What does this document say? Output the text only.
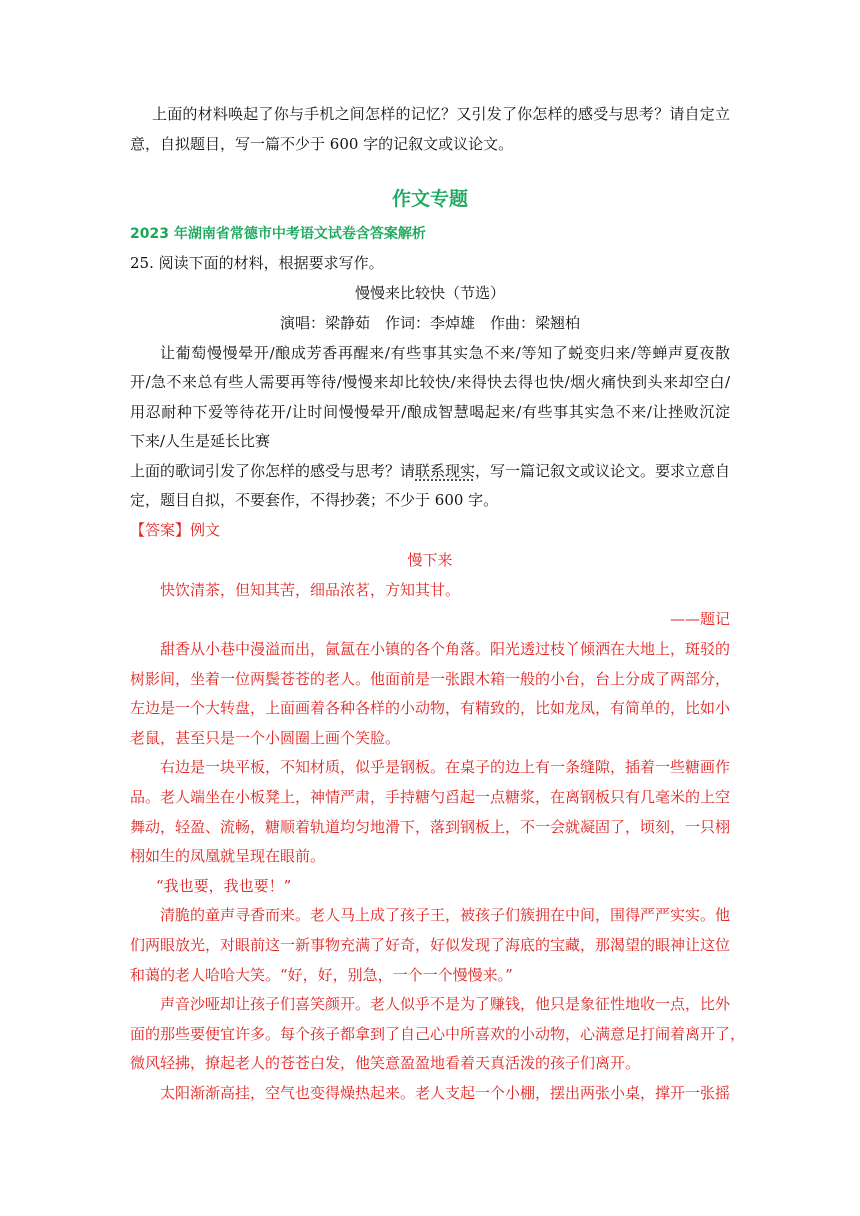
上面的材料唤起了你与手机之间怎样的记忆？又引发了你怎样的感受与思考？请自定立
意，自拟题目，写一篇不少于 600 字的记叙文或议论文。
作文专题
2023 年湖南省常德市中考语文试卷含答案解析
25. 阅读下面的材料，根据要求写作。
慢慢来比较快（节选）
演唱：梁静茹　作词：李焯雄　作曲：梁翘柏
让葡萄慢慢晕开/酿成芳香再醒来/有些事其实急不来/等知了蜕变归来/等蝉声夏夜散
开/急不来总有些人需要再等待/慢慢来却比较快/来得快去得也快/烟火痛快到头来却空白/
用忍耐种下爱等待花开/让时间慢慢晕开/酿成智慧喝起来/有些事其实急不来/让挫败沉淀
下来/人生是延长比赛
上面的歌词引发了你怎样的感受与思考？请联系现实，写一篇记叙文或议论文。要求立意自
定，题目自拟，不要套作，不得抄袭；不少于 600 字。
【答案】例文
慢下来
快饮清茶，但知其苦，细品浓茗，方知其甘。
——题记
甜香从小巷中漫溢而出，氤氲在小镇的各个角落。阳光透过枝丫倾洒在大地上，斑驳的
树影间，坐着一位两鬓苍苍的老人。他面前是一张跟木箱一般的小台，台上分成了两部分，
左边是一个大转盘，上面画着各种各样的小动物，有精致的，比如龙凤，有简单的，比如小
老鼠，甚至只是一个小圆圈上画个笑脸。
右边是一块平板，不知材质，似乎是钢板。在桌子的边上有一条缝隙，插着一些糖画作
品。老人端坐在小板凳上，神情严肃，手持糖勺舀起一点糖浆，在离钢板只有几毫米的上空
舞动，轻盈、流畅，糖顺着轨道均匀地滑下，落到钢板上，不一会就凝固了，顷刻，一只栩
栩如生的凤凰就呈现在眼前。
“我也要，我也要！”
清脆的童声寻香而来。老人马上成了孩子王，被孩子们簇拥在中间，围得严严实实。他
们两眼放光，对眼前这一新事物充满了好奇，好似发现了海底的宝藏，那渴望的眼神让这位
和蔼的老人哈哈大笑。“好，好，别急，一个一个慢慢来。”
声音沙哑却让孩子们喜笑颜开。老人似乎不是为了赚钱，他只是象征性地收一点，比外
面的那些要便宜许多。每个孩子都拿到了自己心中所喜欢的小动物，心满意足打闹着离开了，
微风轻拂，撩起老人的苍苍白发，他笑意盈盈地看着天真活泼的孩子们离开。
太阳渐渐高挂，空气也变得燥热起来。老人支起一个小棚，摆出两张小桌，撑开一张摇
